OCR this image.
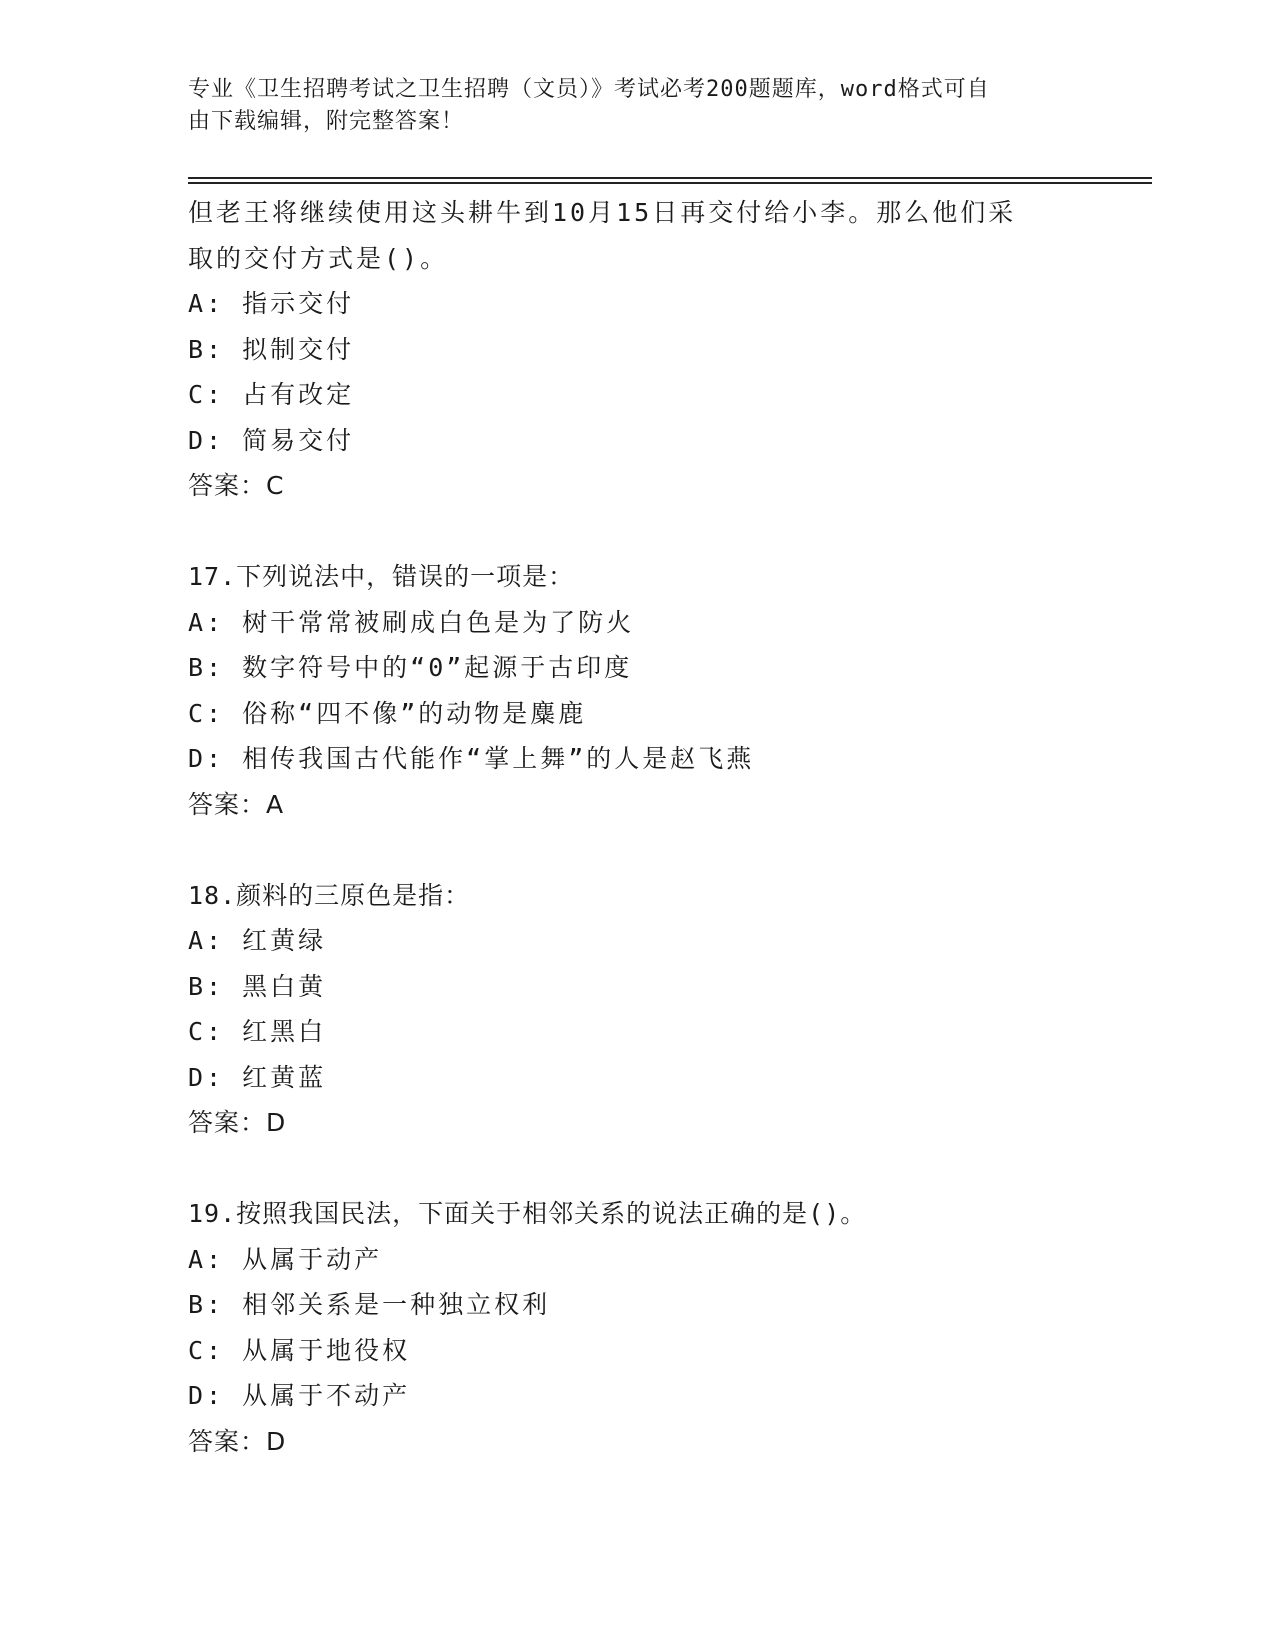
专业《卫生招聘考试之卫生招聘（文员）》考试必考200题题库，word格式可自
由下载编辑，附完整答案！
但老王将继续使用这头耕牛到10月15日再交付给小李。那么他们采
取的交付方式是()。
A: 指示交付
B: 拟制交付
C: 占有改定
D: 简易交付
答案：C
17.下列说法中，错误的一项是：
A: 树干常常被刷成白色是为了防火
B: 数字符号中的“0”起源于古印度
C: 俗称“四不像”的动物是麋鹿
D: 相传我国古代能作“掌上舞”的人是赵飞燕
答案：A
18.颜料的三原色是指：
A: 红黄绿
B: 黑白黄
C: 红黑白
D: 红黄蓝
答案：D
19.按照我国民法，下面关于相邻关系的说法正确的是()。
A: 从属于动产
B: 相邻关系是一种独立权利
C: 从属于地役权
D: 从属于不动产
答案：D
